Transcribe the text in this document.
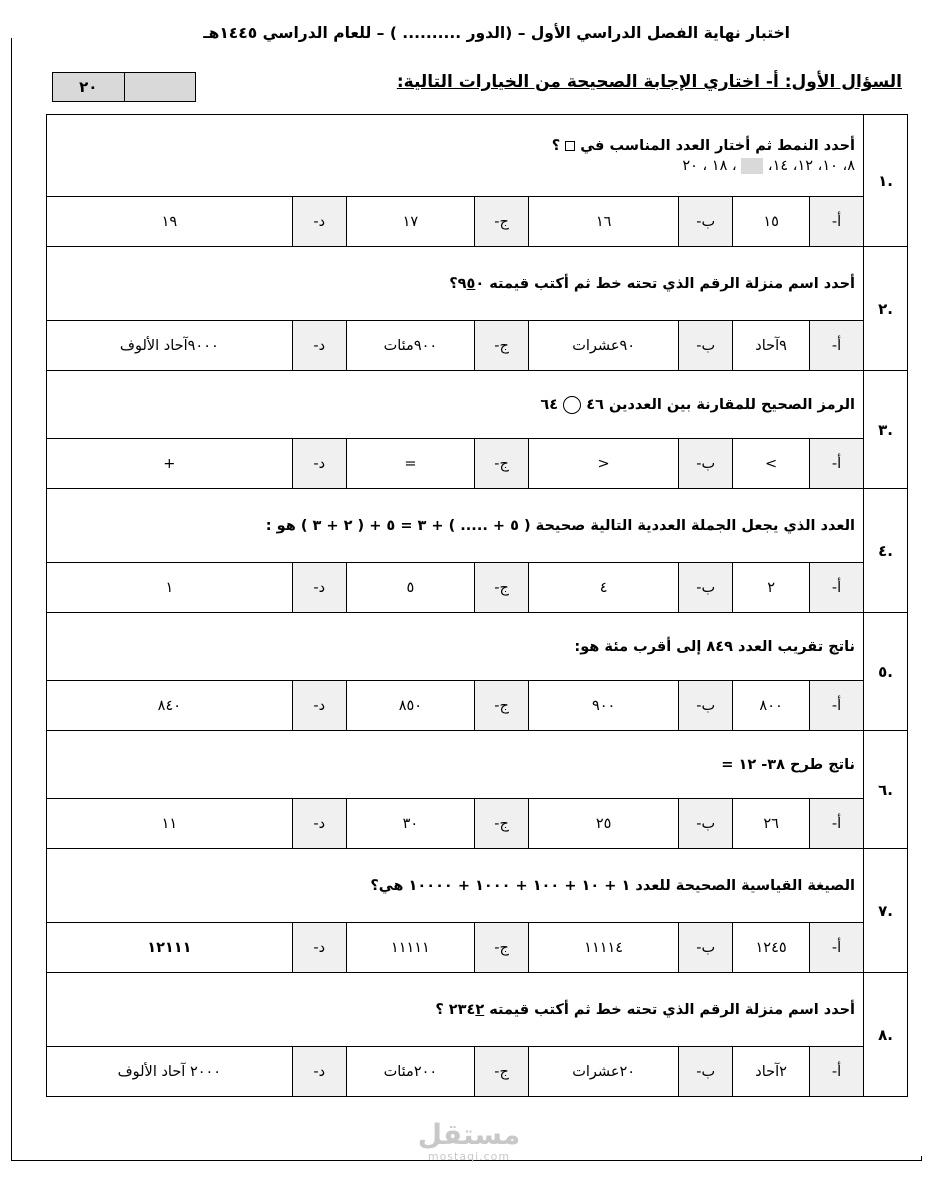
اختبار نهاية الفصل الدراسي الأول – (الدور .......... ) – للعام الدراسي ١٤٤٥هـ
السؤال الأول: أ- اختاري الإجابة الصحيحة من الخيارات التالية:
٢٠
.١	أحدد النمط ثم أختار العدد المناسب في  ؟
٨، ١٠، ١٢، ١٤،  ، ١٨ ، ٢٠							

	أ-	١٥	ب-	١٦	ج-	١٧	د-	١٩
.٢	أحدد اسم منزلة الرقم الذي تحته خط ثم أكتب قيمته ٩٥٠؟							
	أ-	٩آحاد	ب-	٩٠عشرات	ج-	٩٠٠مئات	د-	٩٠٠٠آحاد الألوف
.٣	الرمز الصحيح للمقارنة بين العددين ٤٦  ٦٤							
	أ-	>	ب-	<	ج-	=	د-	+
.٤	العدد الذي يجعل الجملة العددية التالية صحيحة ( ٥ + ..... ) + ٣ = ٥ + ( ٢ + ٣ ) هو :							
	أ-	٢	ب-	٤	ج-	٥	د-	١
.٥	ناتج تقريب العدد ٨٤٩ إلى أقرب مئة هو:							
	أ-	٨٠٠	ب-	٩٠٠	ج-	٨٥٠	د-	٨٤٠
.٦	ناتج طرح ٣٨- ١٢ =							
	أ-	٢٦	ب-	٢٥	ج-	٣٠	د-	١١
.٧	الصيغة القياسية الصحيحة للعدد ١ + ١٠ + ١٠٠ + ١٠٠٠ + ١٠٠٠٠ هي؟							
	أ-	١٢٤٥	ب-	١١١١٤	ج-	١١١١١	د-	١٢١١١
.٨	أحدد اسم منزلة الرقم الذي تحته خط ثم أكتب قيمته ٢٣٤٢ ؟							
	أ-	٢آحاد	ب-	٢٠عشرات	ج-	٢٠٠مئات	د-	٢٠٠٠ آحاد الألوف
مستقل
mostaqi.com
